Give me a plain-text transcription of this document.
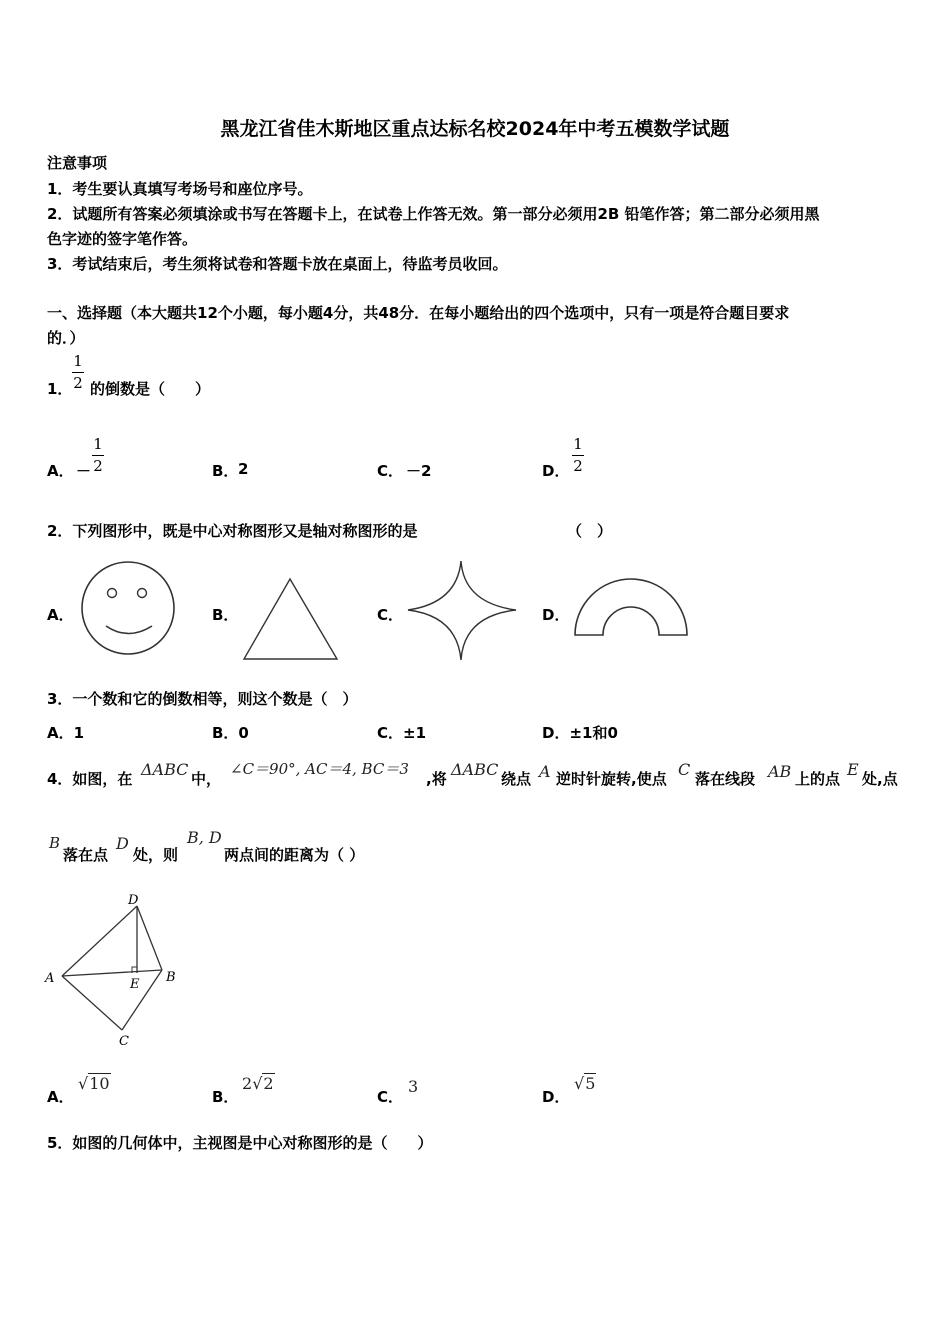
黑龙江省佳木斯地区重点达标名校2024年中考五模数学试题
注意事项
1．考生要认真填写考场号和座位序号。
2．试题所有答案必须填涂或书写在答题卡上，在试卷上作答无效。第一部分必须用2B 铅笔作答；第二部分必须用黑
色字迹的签字笔作答。
3．考试结束后，考生须将试卷和答题卡放在桌面上，待监考员收回。
一、选择题（本大题共12个小题，每小题4分，共48分．在每小题给出的四个选项中，只有一项是符合题目要求
的．）
1． $\frac{1}{2}$ 的倒数是（　　）
A． － $\frac{1}{2}$	B． 2	C． －2	D． $\frac{1}{2}$
2．下列图形中，既是中心对称图形又是轴对称图形的是	（　）
A．	B．	C．	D．
3．一个数和它的倒数相等，则这个数是（　）
A．1	B．0	C．±1	D．±1和0
4．如图，在 ΔABC 中，
∠C＝90°, AC＝4, BC＝3
,将 ΔABC 绕点 A 逆时针旋转,使点 C 落在线段 AB 上的点 E 处,点
B
落在点
D
处，则
B, D
两点间的距离为（ ）
D
A	B
E
C
A．
√10
B．
2√2
C．
3
D．
√5
5．如图的几何体中，主视图是中心对称图形的是（　　）
